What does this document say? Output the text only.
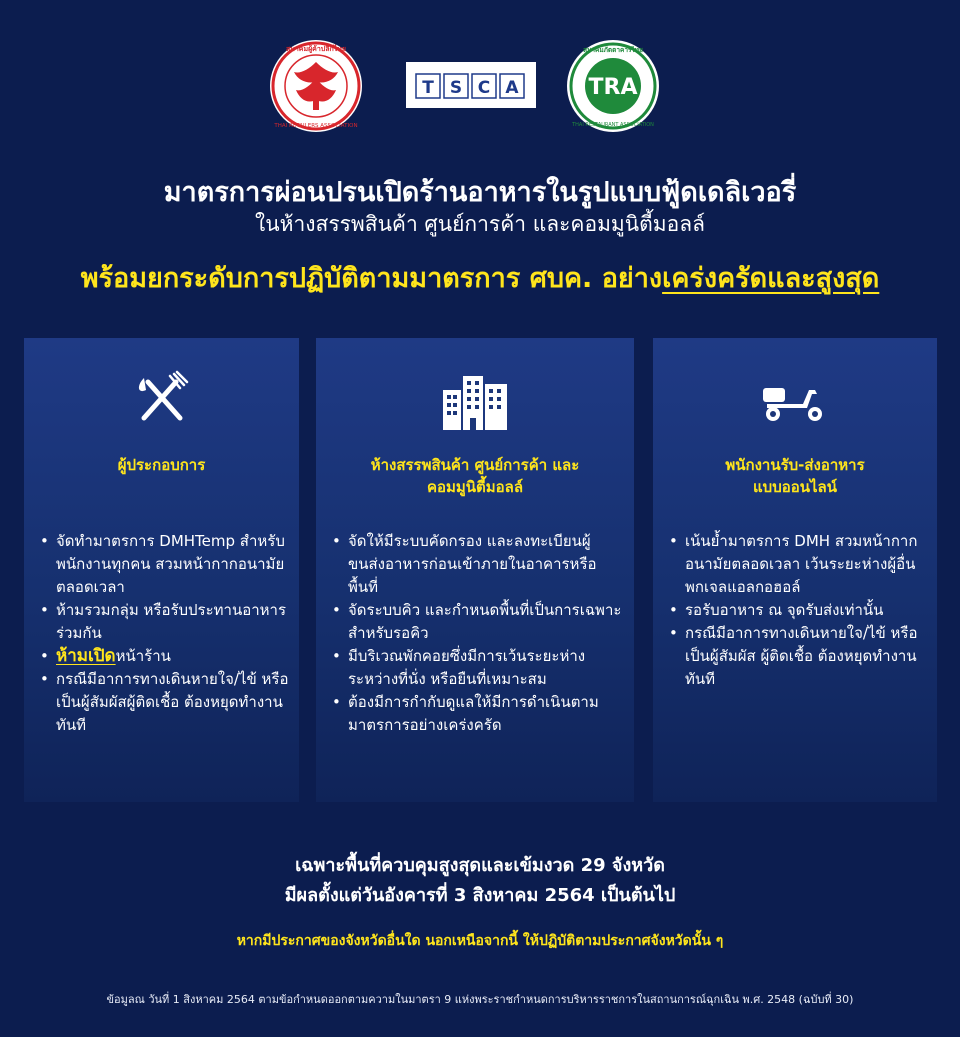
สมาคมผู้ค้าปลีกไทย
THAI RETAILERS ASSOCIATION
T S C A	TRA
สมาคมภัตตาคารไทย
THAI RESTAURANT ASSOCIATION
มาตรการผ่อนปรนเปิดร้านอาหารในรูปแบบฟู้ดเดลิเวอรี่
ในห้างสรรพสินค้า ศูนย์การค้า และคอมมูนิตี้มอลล์
พร้อมยกระดับการปฏิบัติตามมาตรการ ศบค. อย่างเคร่งครัดและสูงสุด
ผู้ประกอบการ
• จัดทำมาตรการ DMHTemp สำหรับพนักงานทุกคน สวมหน้ากากอนามัยตลอดเวลา
• ห้ามรวมกลุ่ม หรือรับประทานอาหารร่วมกัน
• ห้ามเปิดหน้าร้าน
• กรณีมีอาการทางเดินหายใจ/ไข้ หรือเป็นผู้สัมผัสผู้ติดเชื้อ ต้องหยุดทำงานทันที
ห้างสรรพสินค้า ศูนย์การค้า และ
คอมมูนิตี้มอลล์
• จัดให้มีระบบคัดกรอง และลงทะเบียนผู้ขนส่งอาหารก่อนเข้าภายในอาคารหรือพื้นที่
• จัดระบบคิว และกำหนดพื้นที่เป็นการเฉพาะสำหรับรอคิว
• มีบริเวณพักคอยซึ่งมีการเว้นระยะห่างระหว่างที่นั่ง หรือยืนที่เหมาะสม
• ต้องมีการกำกับดูแลให้มีการดำเนินตามมาตรการอย่างเคร่งครัด
พนักงานรับ-ส่งอาหาร
แบบออนไลน์
• เน้นย้ำมาตรการ DMH สวมหน้ากากอนามัยตลอดเวลา เว้นระยะห่างผู้อื่น พกเจลแอลกอฮอล์
• รอรับอาหาร ณ จุดรับส่งเท่านั้น
• กรณีมีอาการทางเดินหายใจ/ไข้ หรือเป็นผู้สัมผัส ผู้ติดเชื้อ ต้องหยุดทำงานทันที
เฉพาะพื้นที่ควบคุมสูงสุดและเข้มงวด 29 จังหวัด
มีผลตั้งแต่วันอังคารที่ 3 สิงหาคม 2564 เป็นต้นไป
หากมีประกาศของจังหวัดอื่นใด นอกเหนือจากนี้ ให้ปฏิบัติตามประกาศจังหวัดนั้น ๆ
ข้อมูลณ วันที่ 1 สิงหาคม 2564 ตามข้อกำหนดออกตามความในมาตรา 9 แห่งพระราชกำหนดการบริหารราชการในสถานการณ์ฉุกเฉิน พ.ศ. 2548 (ฉบับที่ 30)
